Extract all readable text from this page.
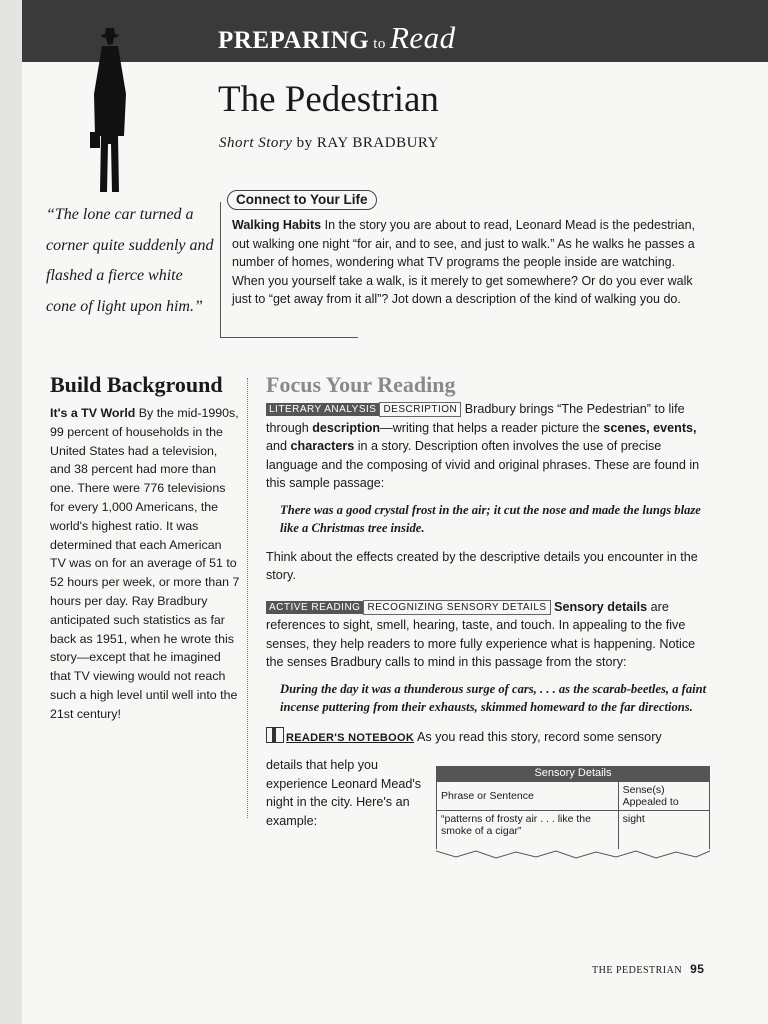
PREPARING to Read
The Pedestrian
Short Story by RAY BRADBURY
“The lone car turned a corner quite suddenly and flashed a fierce white cone of light upon him.”
Connect to Your Life
Walking Habits In the story you are about to read, Leonard Mead is the pedestrian, out walking one night “for air, and to see, and just to walk.” As he walks he passes a number of homes, wondering what TV programs the people inside are watching. When you yourself take a walk, is it merely to get somewhere? Or do you ever walk just to “get away from it all”? Jot down a description of the kind of walking you do.
Build Background

It's a TV World By the mid-1990s, 99 percent of households in the United States had a television, and 38 percent had more than one. There were 776 televisions for every 1,000 Americans, the world's highest ratio. It was determined that each American TV was on for an average of 51 to 52 hours per week, or more than 7 hours per day. Ray Bradbury anticipated such statistics as far back as 1951, when he wrote this story—except that he imagined that TV viewing would not reach such a high level until well into the 21st century!

Focus Your Reading

LITERARY ANALYSIS DESCRIPTION Bradbury brings “The Pedestrian” to life through description—writing that helps a reader picture the scenes, events, and characters in a story. Description often involves the use of precise language and the composing of vivid and original phrases. These are found in this sample passage:

There was a good crystal frost in the air; it cut the nose and made the lungs blaze like a Christmas tree inside.

Think about the effects created by the descriptive details you encounter in the story.

ACTIVE READING RECOGNIZING SENSORY DETAILS Sensory details are references to sight, smell, hearing, taste, and touch. In appealing to the five senses, they help readers to more fully experience what is happening. Notice the senses Bradbury calls to mind in this passage from the story:

During the day it was a thunderous surge of cars, . . . as the scarab-beetles, a faint incense puttering from their exhausts, skimmed homeward to the far directions.

READER'S NOTEBOOK As you read this story, record some sensory

details that help you experience Leonard Mead's night in the city. Here's an example:
Sensory Details
Phrase or Sentence	Sense(s) Appealed to
“patterns of frosty air . . . like the smoke of a cigar”	sight
THE PEDESTRIAN 95
